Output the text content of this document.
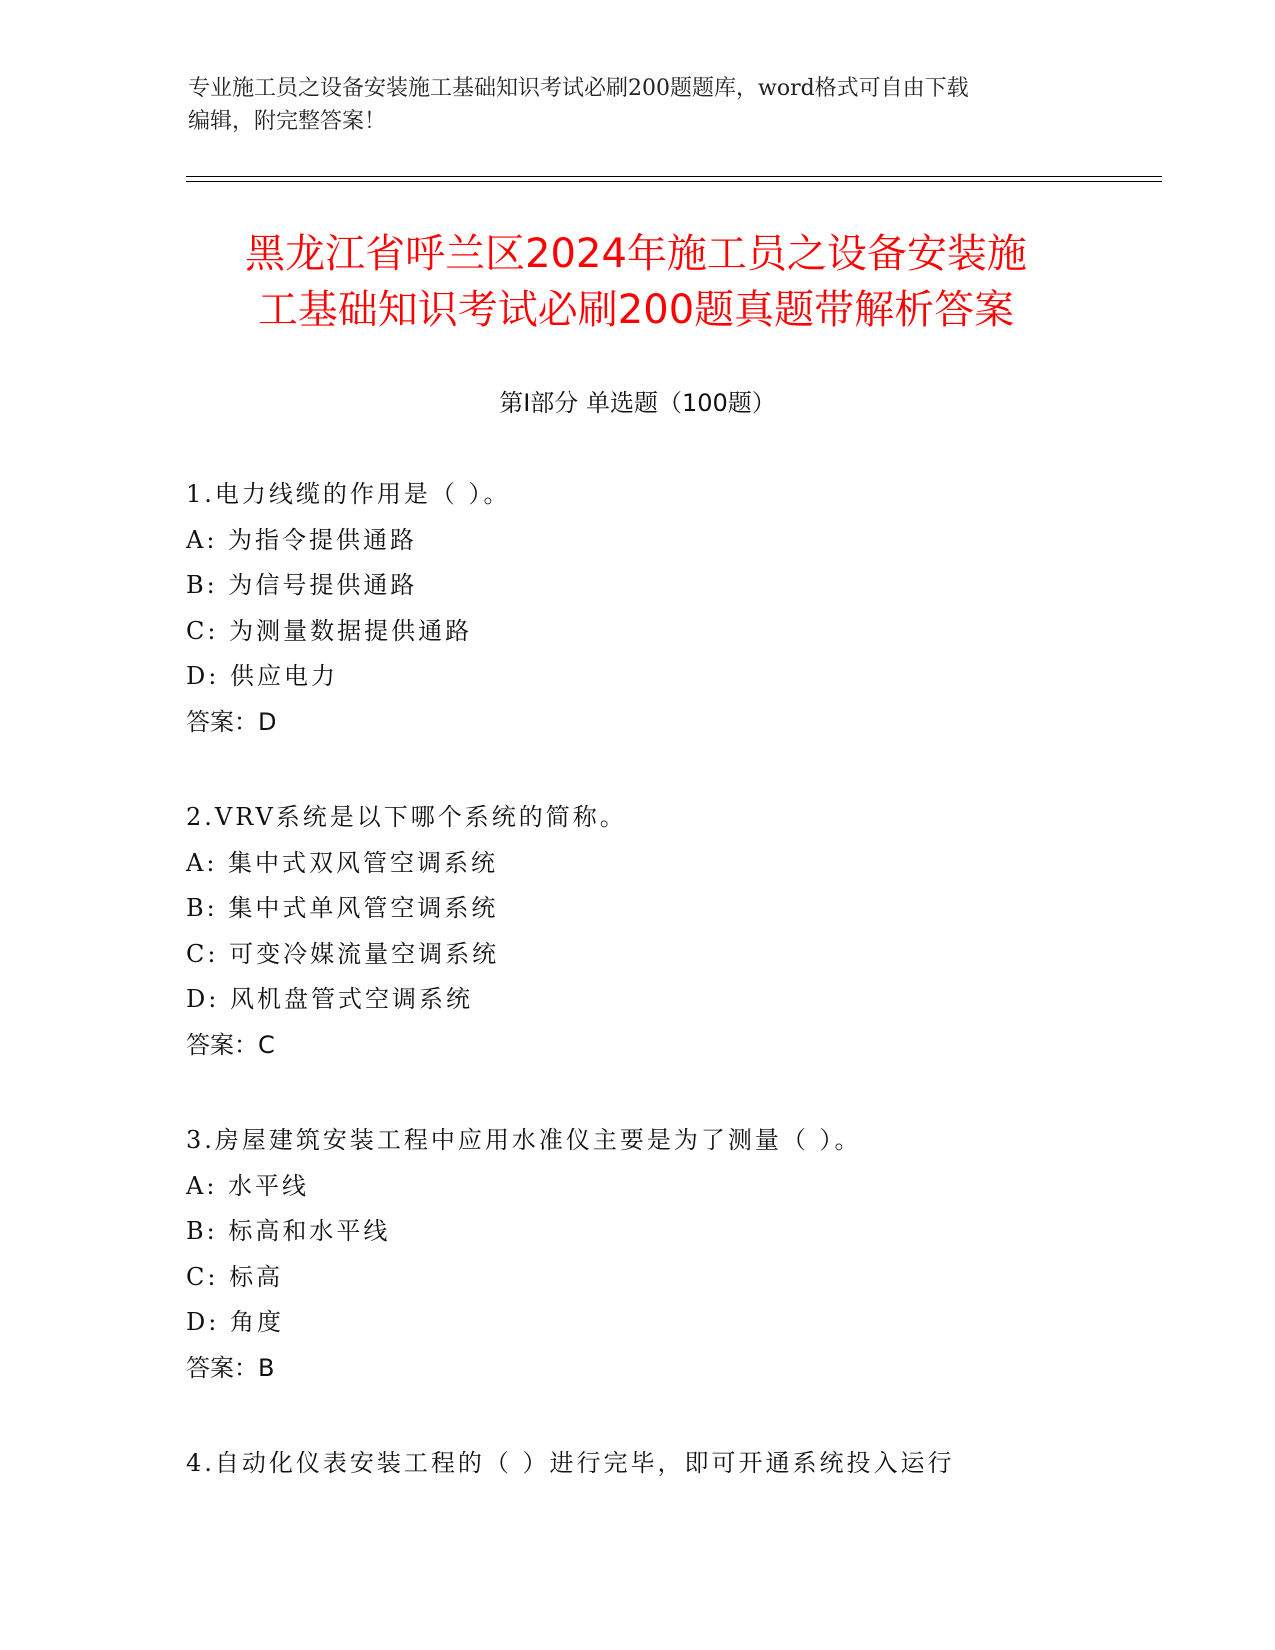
专业施工员之设备安装施工基础知识考试必刷200题题库，word格式可自由下载
编辑，附完整答案！
黑龙江省呼兰区2024年施工员之设备安装施
工基础知识考试必刷200题真题带解析答案
第Ⅰ部分 单选题（100题）
1.电力线缆的作用是（ ）。
A: 为指令提供通路
B: 为信号提供通路
C: 为测量数据提供通路
D: 供应电力
答案：D
2.VRV系统是以下哪个系统的简称。
A: 集中式双风管空调系统
B: 集中式单风管空调系统
C: 可变冷媒流量空调系统
D: 风机盘管式空调系统
答案：C
3.房屋建筑安装工程中应用水准仪主要是为了测量（ ）。
A: 水平线
B: 标高和水平线
C: 标高
D: 角度
答案：B
4.自动化仪表安装工程的（ ）进行完毕，即可开通系统投入运行
